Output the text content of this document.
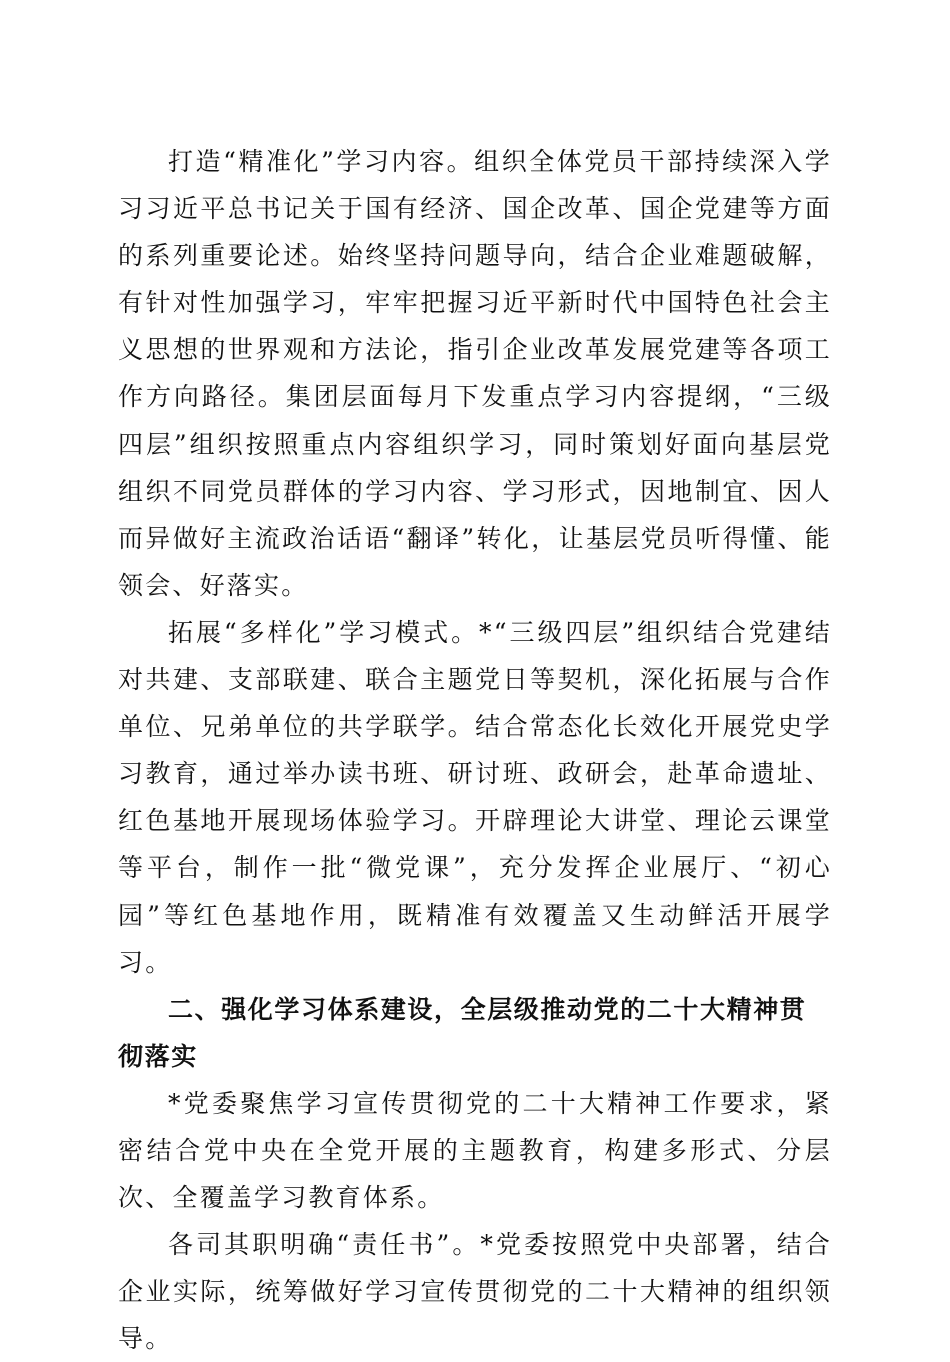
打造“精准化”学习内容。组织全体党员干部持续深入学习习近平总书记关于国有经济、国企改革、国企党建等方面的系列重要论述。始终坚持问题导向，结合企业难题破解，有针对性加强学习，牢牢把握习近平新时代中国特色社会主义思想的世界观和方法论，指引企业改革发展党建等各项工作方向路径。集团层面每月下发重点学习内容提纲，“三级四层”组织按照重点内容组织学习，同时策划好面向基层党组织不同党员群体的学习内容、学习形式，因地制宜、因人而异做好主流政治话语“翻译”转化，让基层党员听得懂、能领会、好落实。

拓展“多样化”学习模式。*“三级四层”组织结合党建结对共建、支部联建、联合主题党日等契机，深化拓展与合作单位、兄弟单位的共学联学。结合常态化长效化开展党史学习教育，通过举办读书班、研讨班、政研会，赴革命遗址、红色基地开展现场体验学习。开辟理论大讲堂、理论云课堂等平台，制作一批“微党课”，充分发挥企业展厅、“初心园”等红色基地作用，既精准有效覆盖又生动鲜活开展学习。

二、强化学习体系建设，全层级推动党的二十大精神贯彻落实

*党委聚焦学习宣传贯彻党的二十大精神工作要求，紧密结合党中央在全党开展的主题教育，构建多形式、分层次、全覆盖学习教育体系。

各司其职明确“责任书”。*党委按照党中央部署，结合企业实际，统筹做好学习宣传贯彻党的二十大精神的组织领导。
